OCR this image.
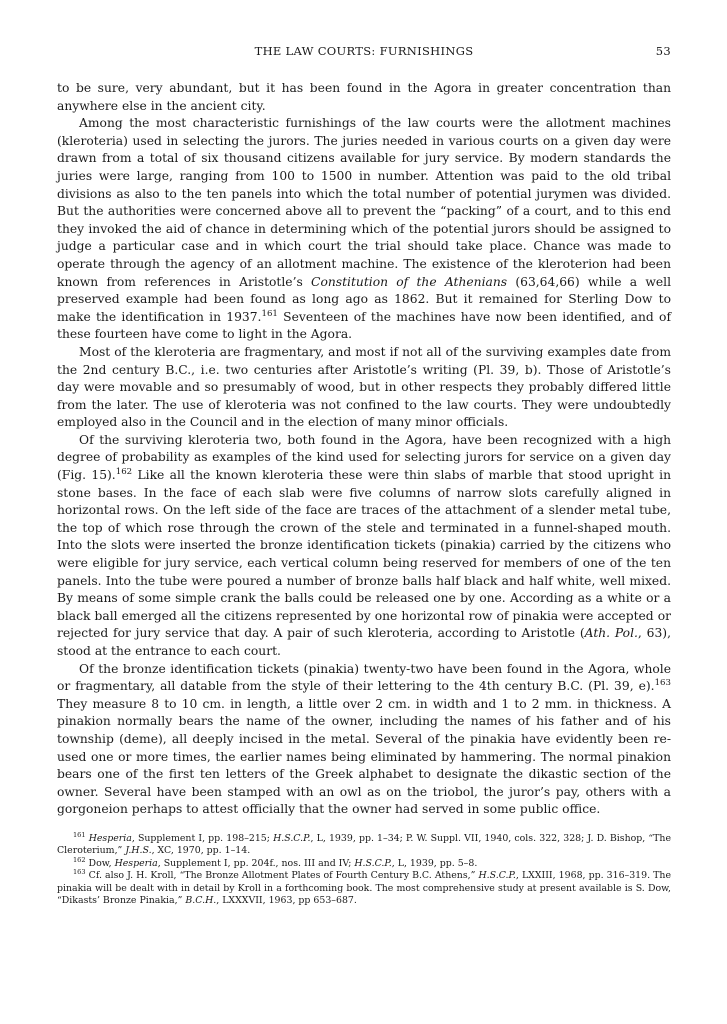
THE LAW COURTS: FURNISHINGS	53

to be sure, very abundant, but it has been found in the Agora in greater concentration than anywhere else in the ancient city.

Among the most characteristic furnishings of the law courts were the allotment machines (kleroteria) used in selecting the jurors. The juries needed in various courts on a given day were drawn from a total of six thousand citizens available for jury service. By modern standards the juries were large, ranging from 100 to 1500 in number. Attention was paid to the old tribal divisions as also to the ten panels into which the total number of potential jurymen was divided. But the authorities were concerned above all to prevent the “packing” of a court, and to this end they invoked the aid of chance in determining which of the potential jurors should be assigned to judge a particular case and in which court the trial should take place. Chance was made to operate through the agency of an allotment machine. The existence of the kleroterion had been known from references in Aristotle’s Constitution of the Athenians (63,64,66) while a well preserved example had been found as long ago as 1862. But it remained for Sterling Dow to make the identification in 1937.$^{161}$ Seventeen of the machines have now been identified, and of these fourteen have come to light in the Agora.

Most of the kleroteria are fragmentary, and most if not all of the surviving examples date from the 2nd century B.C., i.e. two centuries after Aristotle’s writing (Pl. 39, b). Those of Aristotle’s day were movable and so presumably of wood, but in other respects they probably differed little from the later. The use of kleroteria was not confined to the law courts. They were undoubtedly employed also in the Council and in the election of many minor officials.

Of the surviving kleroteria two, both found in the Agora, have been recognized with a high degree of probability as examples of the kind used for selecting jurors for service on a given day (Fig. 15).$^{162}$ Like all the known kleroteria these were thin slabs of marble that stood upright in stone bases. In the face of each slab were five columns of narrow slots carefully aligned in horizontal rows. On the left side of the face are traces of the attachment of a slender metal tube, the top of which rose through the crown of the stele and terminated in a funnel-shaped mouth. Into the slots were inserted the bronze identification tickets (pinakia) carried by the citizens who were eligible for jury service, each vertical column being reserved for members of one of the ten panels. Into the tube were poured a number of bronze balls half black and half white, well mixed. By means of some simple crank the balls could be released one by one. According as a white or a black ball emerged all the citizens represented by one horizontal row of pinakia were accepted or rejected for jury service that day. A pair of such kleroteria, according to Aristotle (Ath. Pol., 63), stood at the entrance to each court.

Of the bronze identification tickets (pinakia) twenty-two have been found in the Agora, whole or fragmentary, all datable from the style of their lettering to the 4th century B.C. (Pl. 39, e).$^{163}$ They measure 8 to 10 cm. in length, a little over 2 cm. in width and 1 to 2 mm. in thickness. A pinakion normally bears the name of the owner, including the names of his father and of his township (deme), all deeply incised in the metal. Several of the pinakia have evidently been re-used one or more times, the earlier names being eliminated by hammering. The normal pinakion bears one of the first ten letters of the Greek alphabet to designate the dikastic section of the owner. Several have been stamped with an owl as on the triobol, the juror’s pay, others with a gorgoneion perhaps to attest officially that the owner had served in some public office.

$^{161}$ Hesperia, Supplement I, pp. 198–215; H.S.C.P., L, 1939, pp. 1–34; P. W. Suppl. VII, 1940, cols. 322, 328; J. D. Bishop, “The Cleroterium,” J.H.S., XC, 1970, pp. 1–14.

$^{162}$ Dow, Hesperia, Supplement I, pp. 204f., nos. III and IV; H.S.C.P., L, 1939, pp. 5–8.

$^{163}$ Cf. also J. H. Kroll, “The Bronze Allotment Plates of Fourth Century B.C. Athens,” H.S.C.P., LXXIII, 1968, pp. 316–319. The pinakia will be dealt with in detail by Kroll in a forthcoming book. The most comprehensive study at present available is S. Dow, “Dikasts’ Bronze Pinakia,” B.C.H., LXXXVII, 1963, pp 653–687.
